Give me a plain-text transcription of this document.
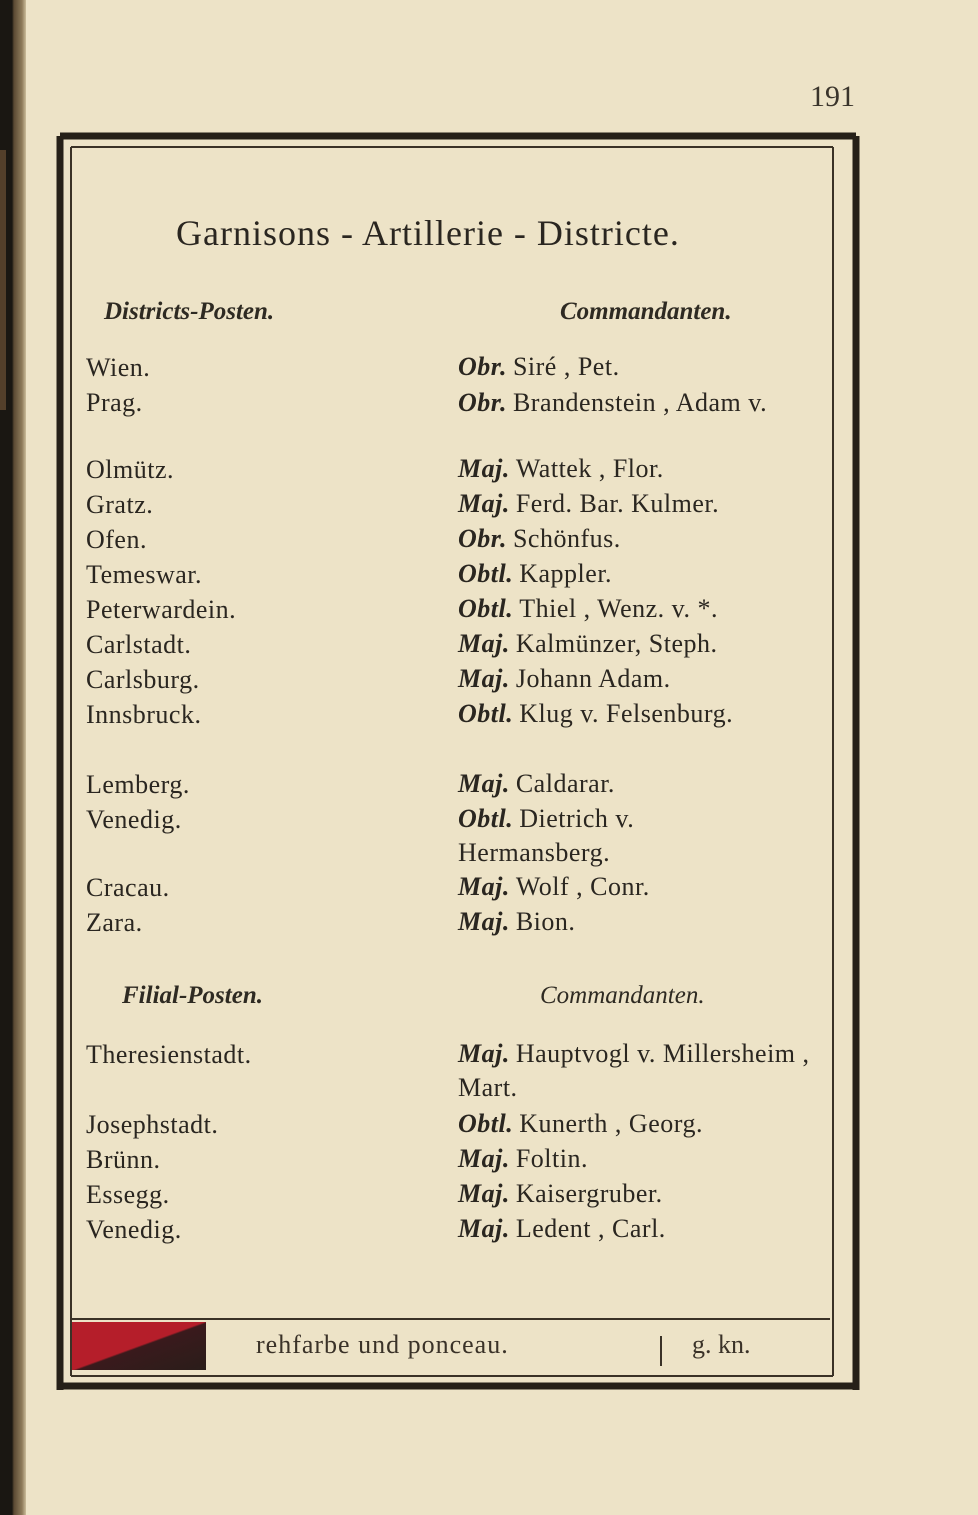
191
Garnisons - Artillerie - Districte.
Districts-Posten.	Commandanten.
Wien.	Obr. Siré , Pet.
Prag.	Obr. Brandenstein , Adam v.
Olmütz.	Maj. Wattek , Flor.
Gratz.	Maj. Ferd. Bar. Kulmer.
Ofen.	Obr. Schönfus.
Temeswar.	Obtl. Kappler.
Peterwardein.	Obtl. Thiel , Wenz. v. *.
Carlstadt.	Maj. Kalmünzer, Steph.
Carlsburg.	Maj. Johann Adam.
Innsbruck.	Obtl. Klug v. Felsenburg.
Lemberg.	Maj. Caldarar.
Venedig.	Obtl. Dietrich v. Hermansberg.
Cracau.	Maj. Wolf , Conr.
Zara.	Maj. Bion.
Filial-Posten.	Commandanten.
Theresienstadt.	Maj. Hauptvogl v. Millersheim , Mart.
Josephstadt.	Obtl. Kunerth , Georg.
Brünn.	Maj. Foltin.
Essegg.	Maj. Kaisergruber.
Venedig.	Maj. Ledent , Carl.
rehfarbe und ponceau.	g. kn.
